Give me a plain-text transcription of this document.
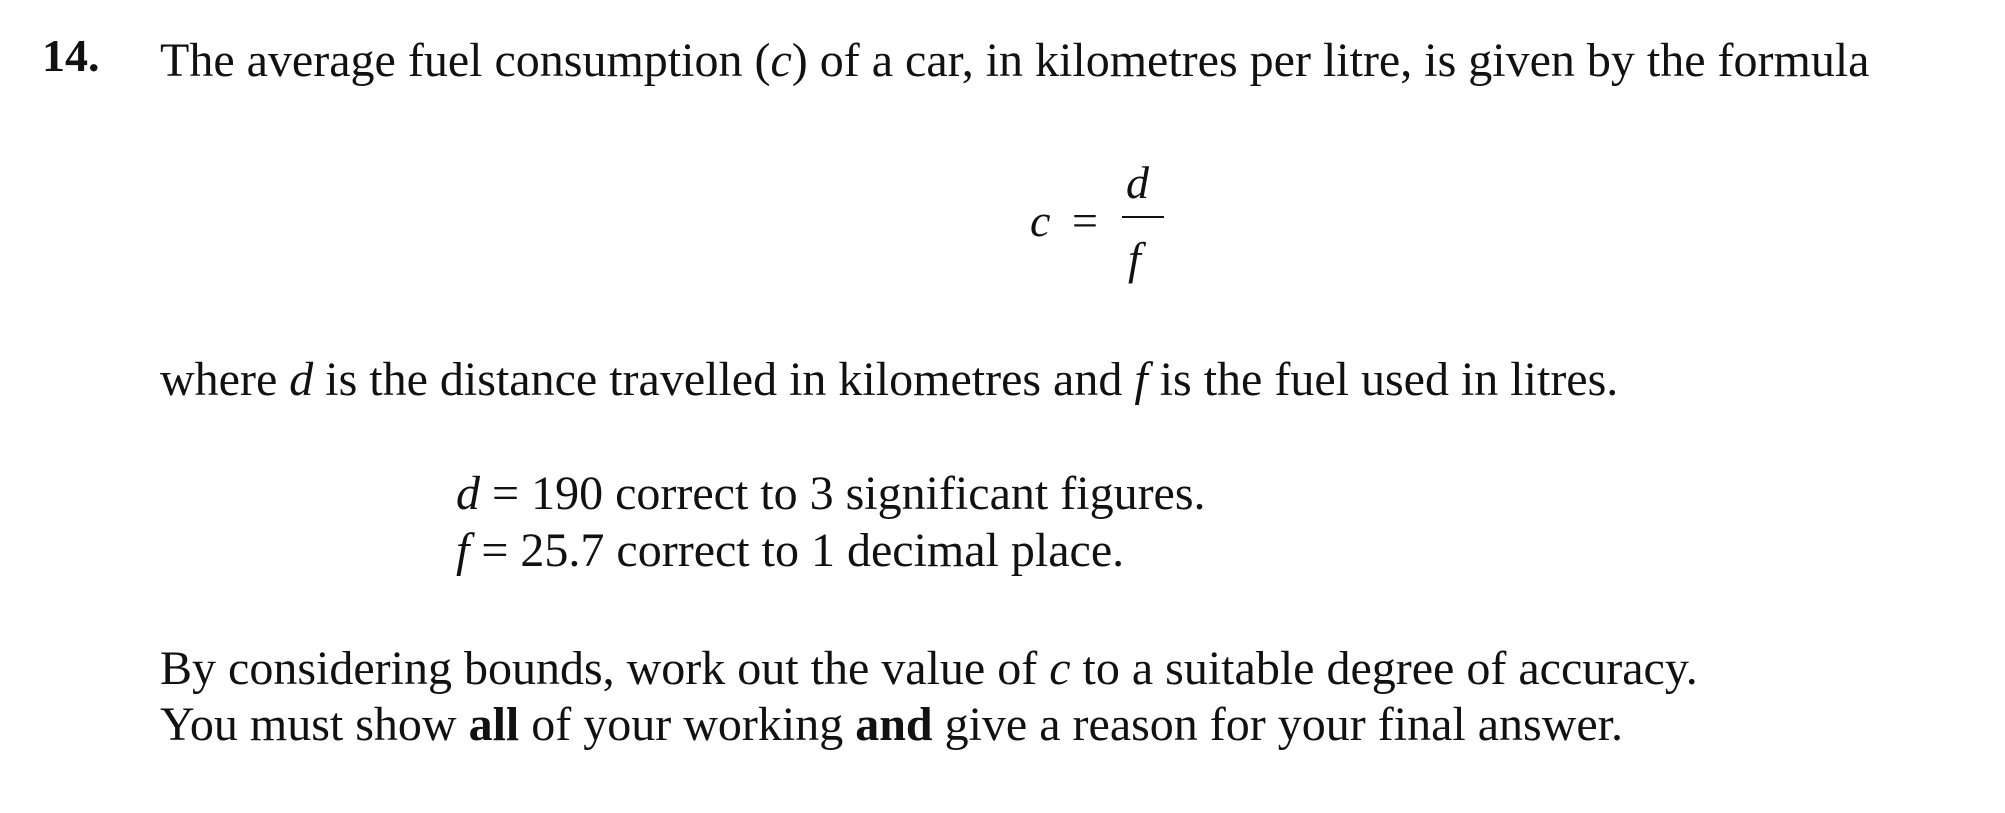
14. The average fuel consumption (c) of a car, in kilometres per litre, is given by the formula
c =
d
f
where d is the distance travelled in kilometres and f is the fuel used in litres.
d = 190 correct to 3 significant figures.
f = 25.7 correct to 1 decimal place.
By considering bounds, work out the value of c to a suitable degree of accuracy.
You must show all of your working and give a reason for your final answer.
